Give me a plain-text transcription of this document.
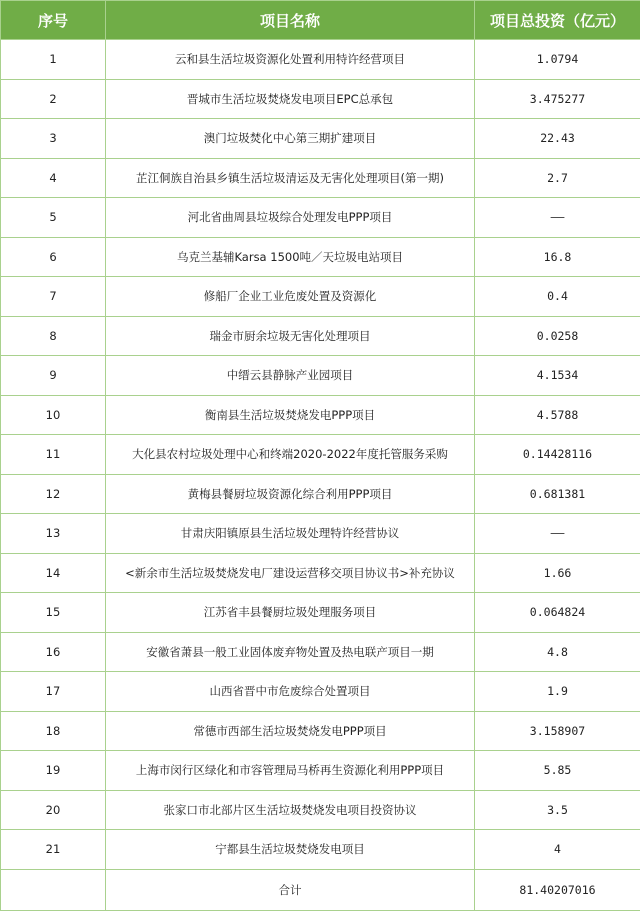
序号	项目名称	项目总投资（亿元）
1	云和县生活垃圾资源化处置利用特许经营项目	1.0794
2	晋城市生活垃圾焚烧发电项目EPC总承包	3.475277
3	澳门垃圾焚化中心第三期扩建项目	22.43
4	芷江侗族自治县乡镇生活垃圾清运及无害化处理项目(第一期)	2.7
5	河北省曲周县垃圾综合处理发电PPP项目	——
6	乌克兰基辅Karsa 1500吨／天垃圾电站项目	16.8
7	修船厂企业工业危废处置及资源化	0.4
8	瑞金市厨余垃圾无害化处理项目	0.0258
9	中缙云县静脉产业园项目	4.1534
10	衡南县生活垃圾焚烧发电PPP项目	4.5788
11	大化县农村垃圾处理中心和终端2020-2022年度托管服务采购	0.14428116
12	黄梅县餐厨垃圾资源化综合利用PPP项目	0.681381
13	甘肃庆阳镇原县生活垃圾处理特许经营协议	——
14	<新余市生活垃圾焚烧发电厂建设运营移交项目协议书>补充协议	1.66
15	江苏省丰县餐厨垃圾处理服务项目	0.064824
16	安徽省萧县一般工业固体废弃物处置及热电联产项目一期	4.8
17	山西省晋中市危废综合处置项目	1.9
18	常德市西部生活垃圾焚烧发电PPP项目	3.158907
19	上海市闵行区绿化和市容管理局马桥再生资源化利用PPP项目	5.85
20	张家口市北部片区生活垃圾焚烧发电项目投资协议	3.5
21	宁都县生活垃圾焚烧发电项目	4
	合计	81.40207016
